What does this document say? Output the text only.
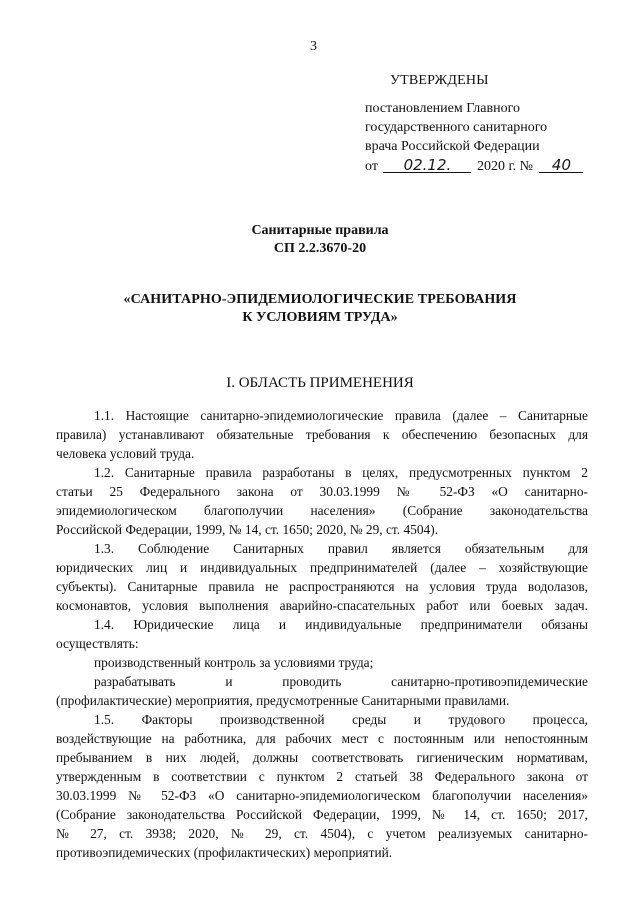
3
УТВЕРЖДЕНЫ
постановлением Главного
государственного санитарного
врача Российской Федерации
от 02.12. 2020 г. № 40
Санитарные правила
СП 2.2.3670-20
«САНИТАРНО-ЭПИДЕМИОЛОГИЧЕСКИЕ ТРЕБОВАНИЯ
К УСЛОВИЯМ ТРУДА»
I. ОБЛАСТЬ ПРИМЕНЕНИЯ
1.1. Настоящие санитарно-эпидемиологические правила (далее – Санитарные
правила) устанавливают обязательные требования к обеспечению безопасных для
человека условий труда.
1.2. Санитарные правила разработаны в целях, предусмотренных пунктом 2
статьи 25 Федерального закона от 30.03.1999 № 52-ФЗ «О санитарно-
эпидемиологическом благополучии населения» (Собрание законодательства
Российской Федерации, 1999, № 14, ст. 1650; 2020, № 29, ст. 4504).
1.3. Соблюдение Санитарных правил является обязательным для
юридических лиц и индивидуальных предпринимателей (далее – хозяйствующие
субъекты). Санитарные правила не распространяются на условия труда водолазов,
космонавтов, условия выполнения аварийно-спасательных работ или боевых задач.
1.4. Юридические лица и индивидуальные предприниматели обязаны
осуществлять:
производственный контроль за условиями труда;
разрабатывать и проводить санитарно-противоэпидемические
(профилактические) мероприятия, предусмотренные Санитарными правилами.
1.5. Факторы производственной среды и трудового процесса,
воздействующие на работника, для рабочих мест с постоянным или непостоянным
пребыванием в них людей, должны соответствовать гигиеническим нормативам,
утвержденным в соответствии с пунктом 2 статьей 38 Федерального закона от
30.03.1999 № 52-ФЗ «О санитарно-эпидемиологическом благополучии населения»
(Собрание законодательства Российской Федерации, 1999, № 14, ст. 1650; 2017,
№ 27, ст. 3938; 2020, № 29, ст. 4504), с учетом реализуемых санитарно-
противоэпидемических (профилактических) мероприятий.
